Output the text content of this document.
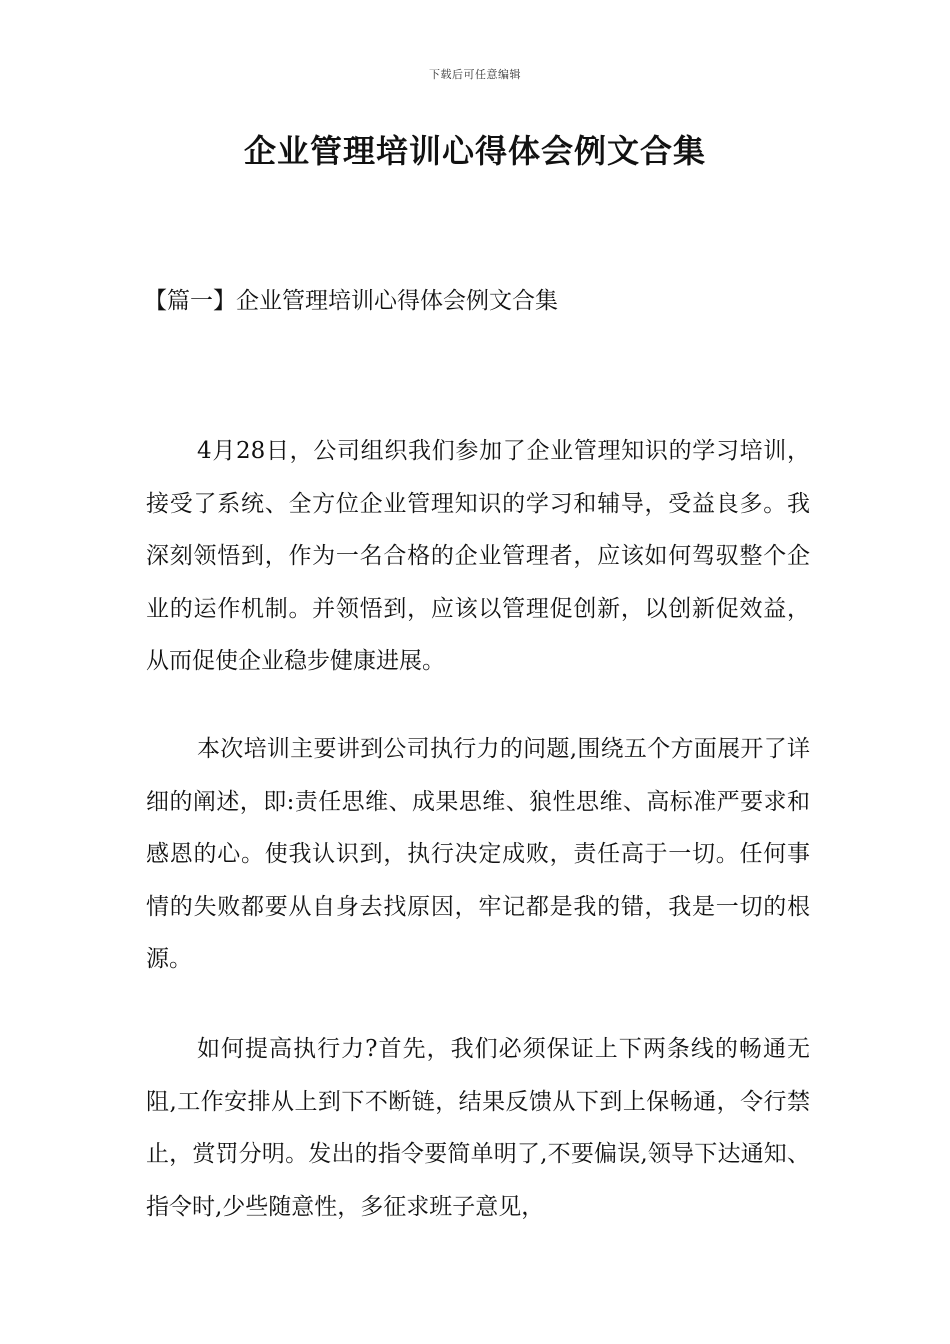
下载后可任意编辑
企业管理培训心得体会例文合集
【篇一】企业管理培训心得体会例文合集

4月28日，公司组织我们参加了企业管理知识的学习培训，接受了系统、全方位企业管理知识的学习和辅导，受益良多。我深刻领悟到，作为一名合格的企业管理者，应该如何驾驭整个企业的运作机制。并领悟到，应该以管理促创新，以创新促效益，从而促使企业稳步健康进展。

本次培训主要讲到公司执行力的问题,围绕五个方面展开了详细的阐述，即:责任思维、成果思维、狼性思维、高标准严要求和感恩的心。使我认识到，执行决定成败，责任高于一切。任何事情的失败都要从自身去找原因，牢记都是我的错，我是一切的根源。

如何提高执行力?首先，我们必须保证上下两条线的畅通无阻,工作安排从上到下不断链，结果反馈从下到上保畅通，令行禁止，赏罚分明。发出的指令要简单明了,不要偏误,领导下达通知、指令时,少些随意性，多征求班子意见，
